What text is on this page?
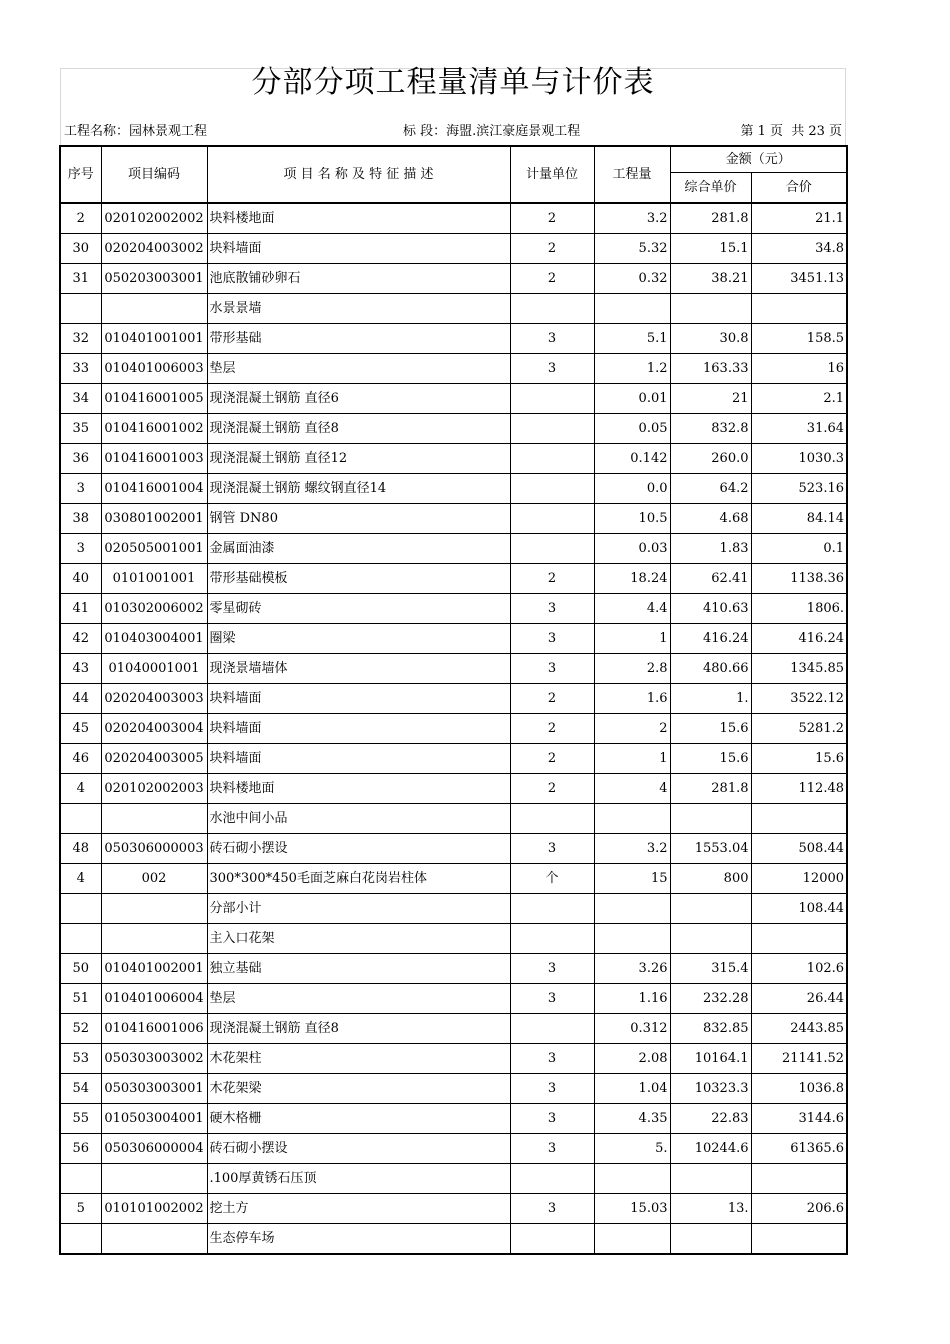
分部分项工程量清单与计价表
工程名称：园林景观工程	标 段：海盟.滨江豪庭景观工程	第 1 页 共 23 页
序号	项目编码	项 目 名 称 及 特 征 描 述	计量单位	工程量	金额（元）	
					综合单价	合价
2	020102002002	块料楼地面	2	3.2	281.8	21.1
30	020204003002	块料墙面	2	5.32	15.1	34.8
31	050203003001	池底散铺砂卵石	2	0.32	38.21	3451.13
		水景景墙				
32	010401001001	带形基础	3	5.1	30.8	158.5
33	010401006003	垫层	3	1.2	163.33	16
34	010416001005	现浇混凝土钢筋 直径6		0.01	21	2.1
35	010416001002	现浇混凝土钢筋 直径8		0.05	832.8	31.64
36	010416001003	现浇混凝土钢筋 直径12		0.142	260.0	1030.3
3	010416001004	现浇混凝土钢筋 螺纹钢直径14		0.0	64.2	523.16
38	030801002001	钢管 DN80		10.5	4.68	84.14
3	020505001001	金属面油漆		0.03	1.83	0.1
40	0101001001	带形基础模板	2	18.24	62.41	1138.36
41	010302006002	零星砌砖	3	4.4	410.63	1806.
42	010403004001	圈梁	3	1	416.24	416.24
43	01040001001	现浇景墙墙体	3	2.8	480.66	1345.85
44	020204003003	块料墙面	2	1.6	1.	3522.12
45	020204003004	块料墙面	2	2	15.6	5281.2
46	020204003005	块料墙面	2	1	15.6	15.6
4	020102002003	块料楼地面	2	4	281.8	112.48
		水池中间小品				
48	050306000003	砖石砌小摆设	3	3.2	1553.04	508.44
4	002	300*300*450毛面芝麻白花岗岩柱体	个	15	800	12000
		分部小计				108.44
		主入口花架				
50	010401002001	独立基础	3	3.26	315.4	102.6
51	010401006004	垫层	3	1.16	232.28	26.44
52	010416001006	现浇混凝土钢筋 直径8		0.312	832.85	2443.85
53	050303003002	木花架柱	3	2.08	10164.1	21141.52
54	050303003001	木花架梁	3	1.04	10323.3	1036.8
55	010503004001	硬木格栅	3	4.35	22.83	3144.6
56	050306000004	砖石砌小摆设	3	5.	10244.6	61365.6
		.100厚黄锈石压顶				
5	010101002002	挖土方	3	15.03	13.	206.6
		生态停车场				
